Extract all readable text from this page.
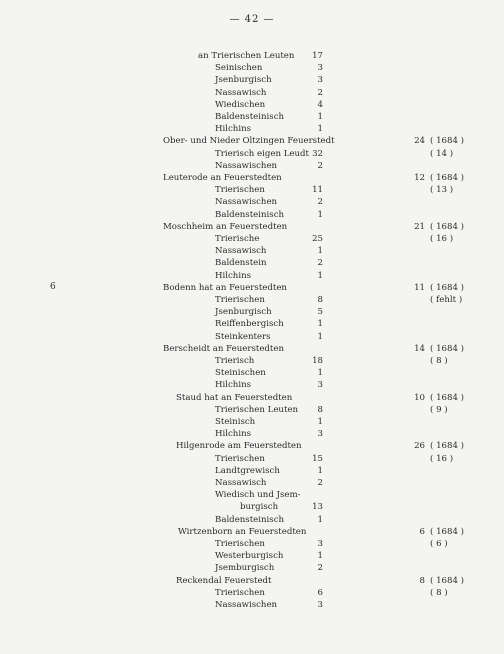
— 42 —
6
an Trierischen Leuten	17
Seinischen	3
Jsenburgisch	3
Nassawisch	2
Wiedischen	4
Baldensteinisch	1
Hilchins	1
Ober- und Nieder Oltzingen Feuerstedt	24 ( 1684 )
Trierisch eigen Leudt 32	( 14 )
Nassawischen	2
Leuterode an Feuerstedten	12 ( 1684 )
Trierischen	11	( 13 )
Nassawischen	2
Baldensteinisch	1
Moschheim an Feuerstedten	21 ( 1684 )
Trierische	25	( 16 )
Nassawisch	1
Baldenstein	2
Hilchins	1
Bodenn hat an Feuerstedten	11 ( 1684 )
Trierischen	8	( fehlt )
Jsenburgisch	5
Reiffenbergisch	1
Steinkenters	1
Berscheidt an Feuerstedten	14 ( 1684 )
Trierisch	18	( 8 )
Steinischen	1
Hilchins	3
Staud hat an Feuerstedten	10 ( 1684 )
Trierischen Leuten	8	( 9 )
Steinisch	1
Hilchins	3
Hilgenrode am Feuerstedten	26 ( 1684 )
Trierischen	15	( 16 )
Landtgrewisch	1
Nassawisch	2
Wiedisch und Jsem-
burgisch	13
Baldensteinisch	1
Wirtzenborn an Feuerstedten	6 ( 1684 )
Trierischen	3	( 6 )
Westerburgisch	1
Jsemburgisch	2
Reckendal Feuerstedt	8 ( 1684 )
Trierischen	6	( 8 )
Nassawischen	3
